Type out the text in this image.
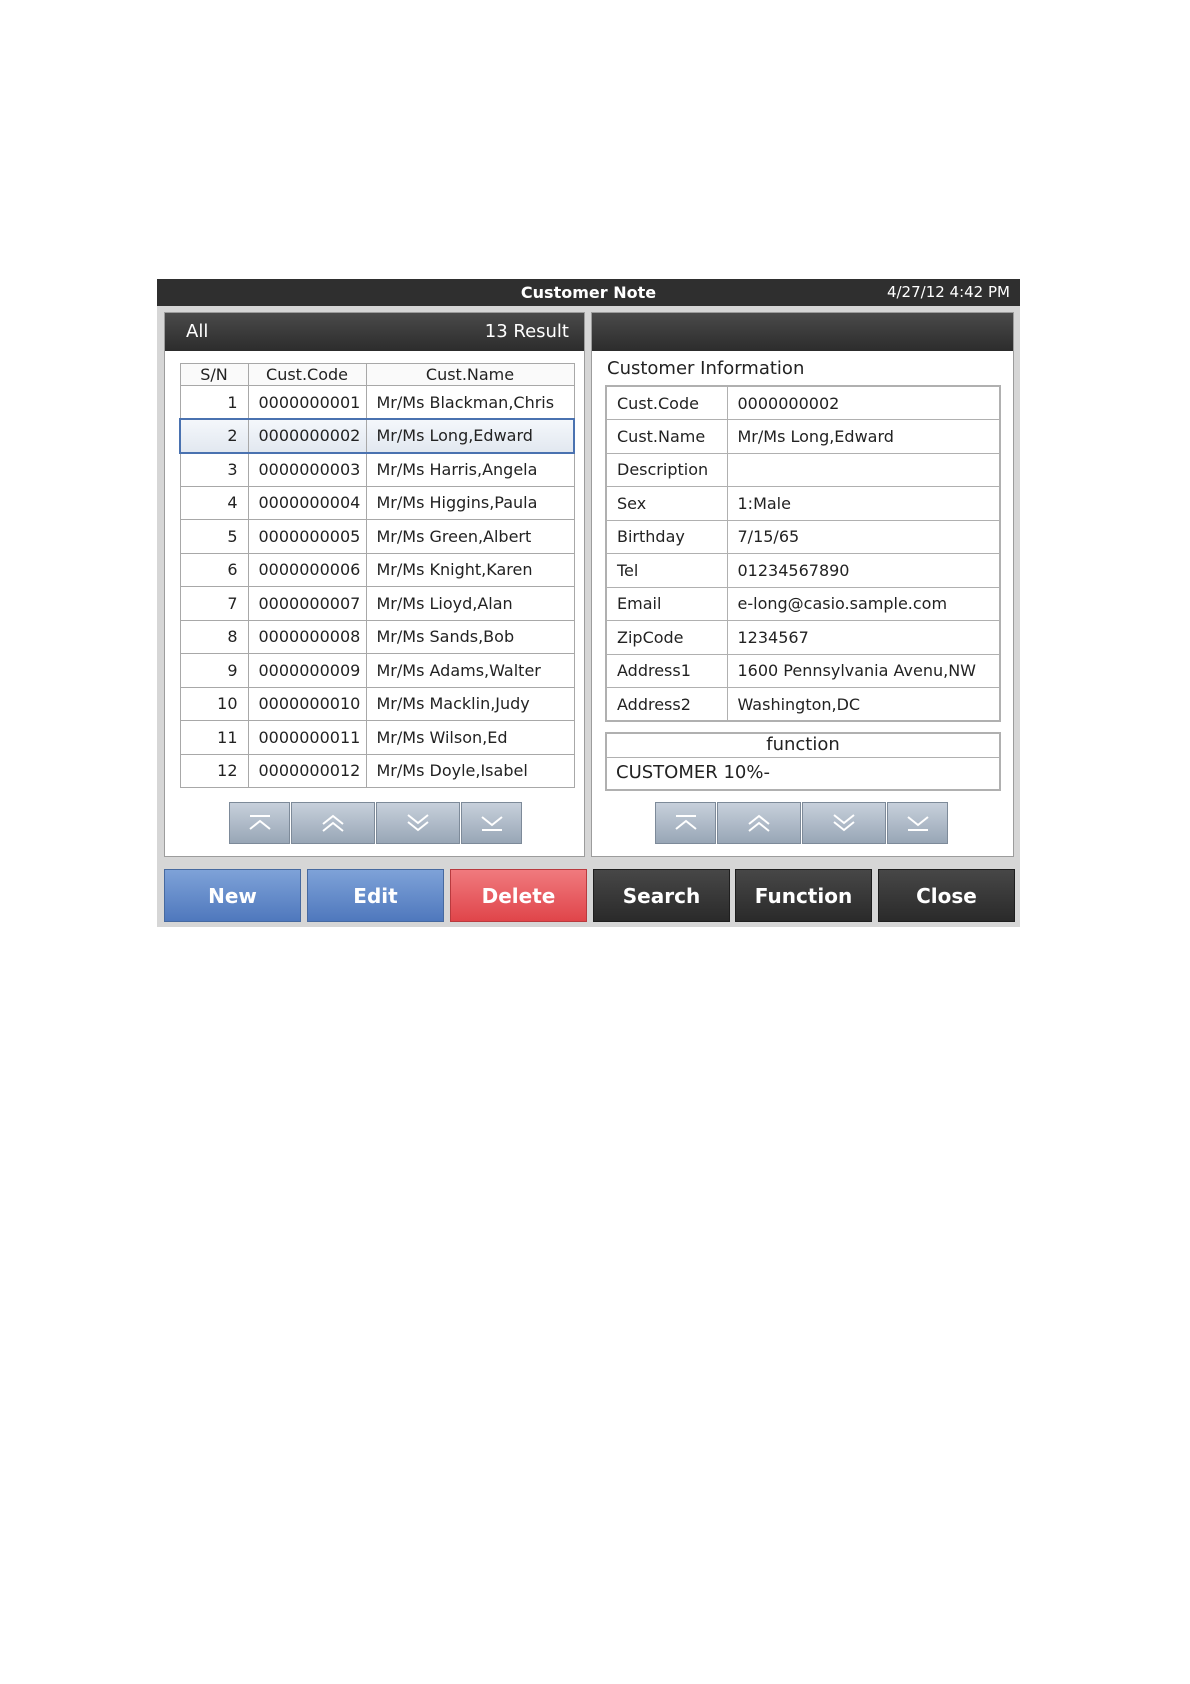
Customer Note	4/27/12 4:42 PM
All	13 Result
S/N	Cust.Code	Cust.Name
1	0000000001	Mr/Ms Blackman,Chris
2	0000000002	Mr/Ms Long,Edward
3	0000000003	Mr/Ms Harris,Angela
4	0000000004	Mr/Ms Higgins,Paula
5	0000000005	Mr/Ms Green,Albert
6	0000000006	Mr/Ms Knight,Karen
7	0000000007	Mr/Ms Lioyd,Alan
8	0000000008	Mr/Ms Sands,Bob
9	0000000009	Mr/Ms Adams,Walter
10	0000000010	Mr/Ms Macklin,Judy
11	0000000011	Mr/Ms Wilson,Ed
12	0000000012	Mr/Ms Doyle,Isabel
Customer Information
Cust.Code	0000000002
Cust.Name	Mr/Ms Long,Edward
Description	
Sex	1:Male
Birthday	7/15/65
Tel	01234567890
Email	e-long@casio.sample.com
ZipCode	1234567
Address1	1600 Pennsylvania Avenu,NW
Address2	Washington,DC
function
CUSTOMER 10%-
New	Edit	Delete	Search	Function	Close
